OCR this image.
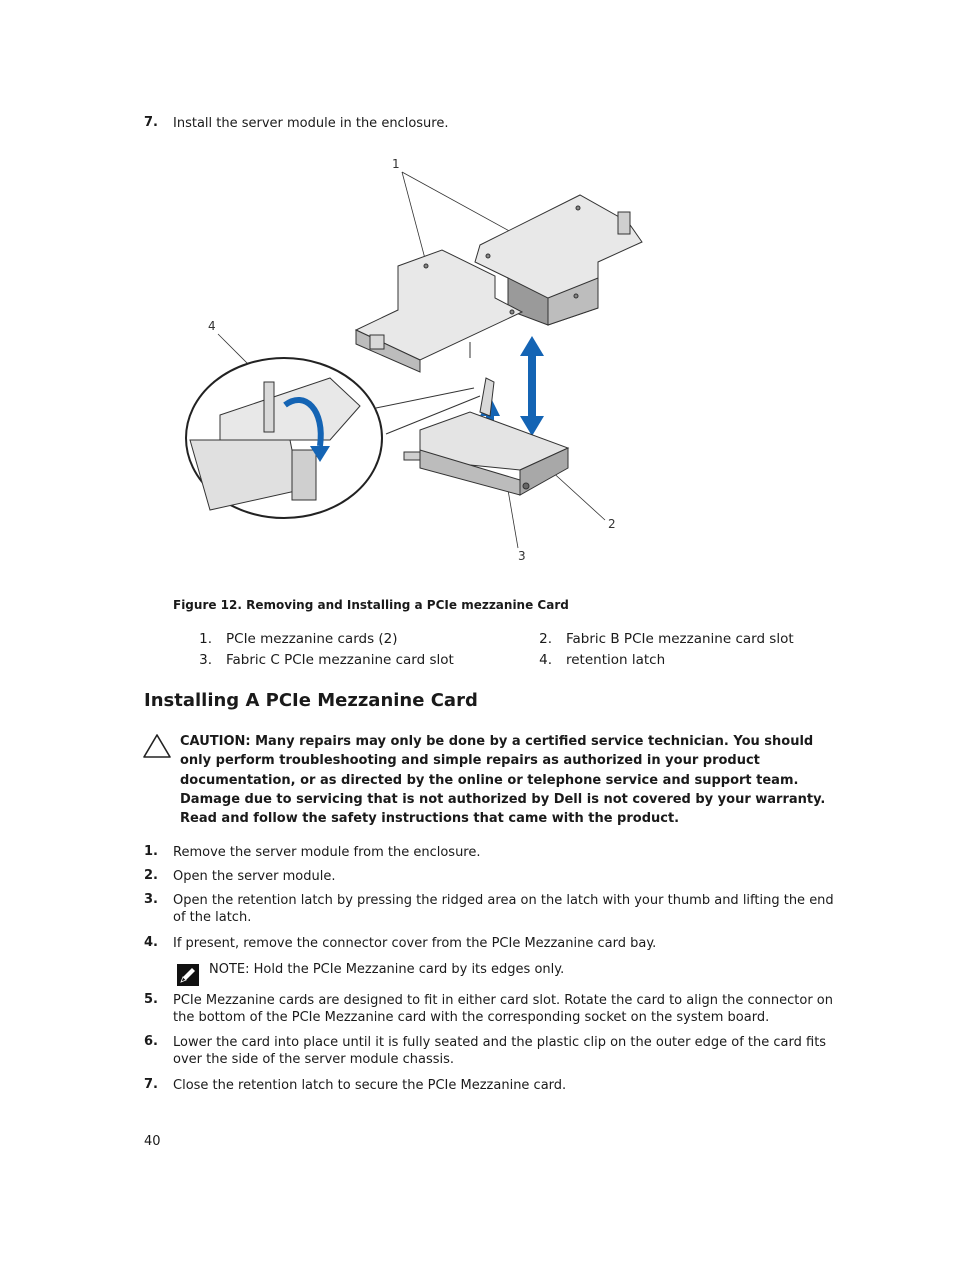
7. Install the server module in the enclosure.
1
4
2
3
Figure 12. Removing and Installing a PCIe mezzanine Card
1. PCIe mezzanine cards (2)	2. Fabric B PCIe mezzanine card slot
3. Fabric C PCIe mezzanine card slot	4. retention latch
Installing A PCIe Mezzanine Card
CAUTION: Many repairs may only be done by a certified service technician. You should only perform troubleshooting and simple repairs as authorized in your product documentation, or as directed by the online or telephone service and support team. Damage due to servicing that is not authorized by Dell is not covered by your warranty. Read and follow the safety instructions that came with the product.
1. Remove the server module from the enclosure.
2. Open the server module.
3. Open the retention latch by pressing the ridged area on the latch with your thumb and lifting the end of the latch.
4. If present, remove the connector cover from the PCIe Mezzanine card bay.
NOTE: Hold the PCIe Mezzanine card by its edges only.
5. PCIe Mezzanine cards are designed to fit in either card slot. Rotate the card to align the connector on the bottom of the PCIe Mezzanine card with the corresponding socket on the system board.
6. Lower the card into place until it is fully seated and the plastic clip on the outer edge of the card fits over the side of the server module chassis.
7. Close the retention latch to secure the PCIe Mezzanine card.
40
